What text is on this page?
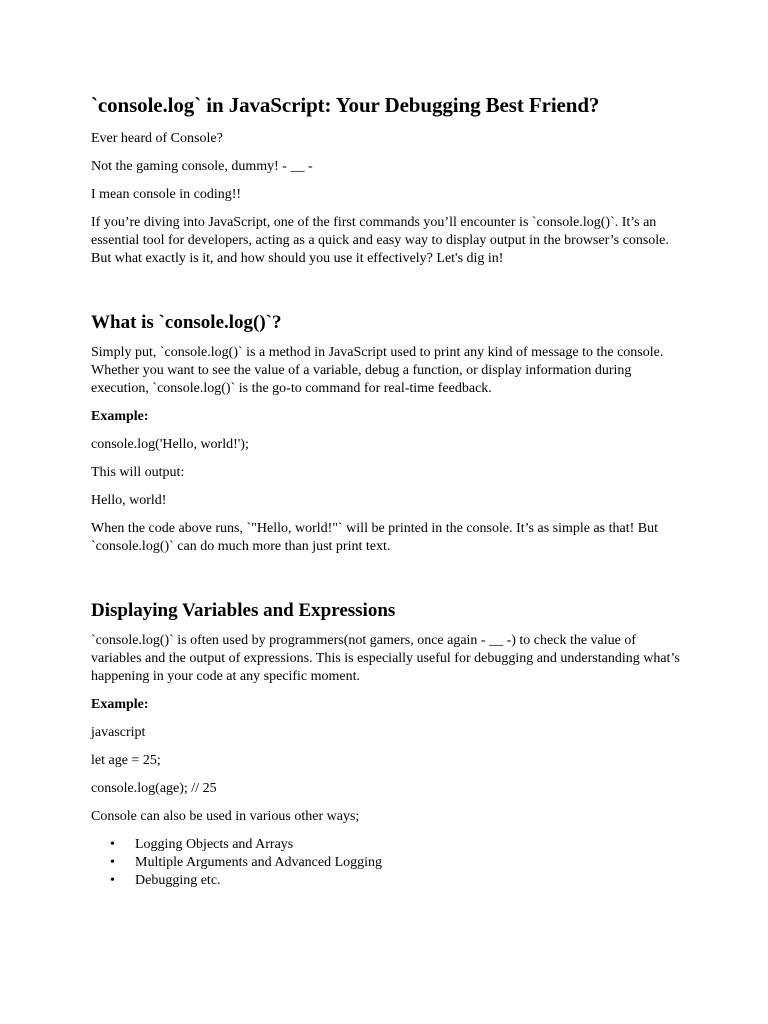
`console.log` in JavaScript: Your Debugging Best Friend?

Ever heard of Console?

Not the gaming console, dummy! - __ -

I mean console in coding!!

If you’re diving into JavaScript, one of the first commands you’ll encounter is `console.log()`. It’s an essential tool for developers, acting as a quick and easy way to display output in the browser’s console. But what exactly is it, and how should you use it effectively? Let's dig in!

What is `console.log()`?

Simply put, `console.log()` is a method in JavaScript used to print any kind of message to the console. Whether you want to see the value of a variable, debug a function, or display information during execution, `console.log()` is the go-to command for real-time feedback.

Example:

console.log('Hello, world!');

This will output:

Hello, world!

When the code above runs, `"Hello, world!"` will be printed in the console. It’s as simple as that! But `console.log()` can do much more than just print text.

Displaying Variables and Expressions

`console.log()` is often used by programmers(not gamers, once again - __ -) to check the value of variables and the output of expressions. This is especially useful for debugging and understanding what’s happening in your code at any specific moment.

Example:

javascript

let age = 25;

console.log(age); // 25

Console can also be used in various other ways;

• Logging Objects and Arrays
• Multiple Arguments and Advanced Logging
• Debugging etc.
